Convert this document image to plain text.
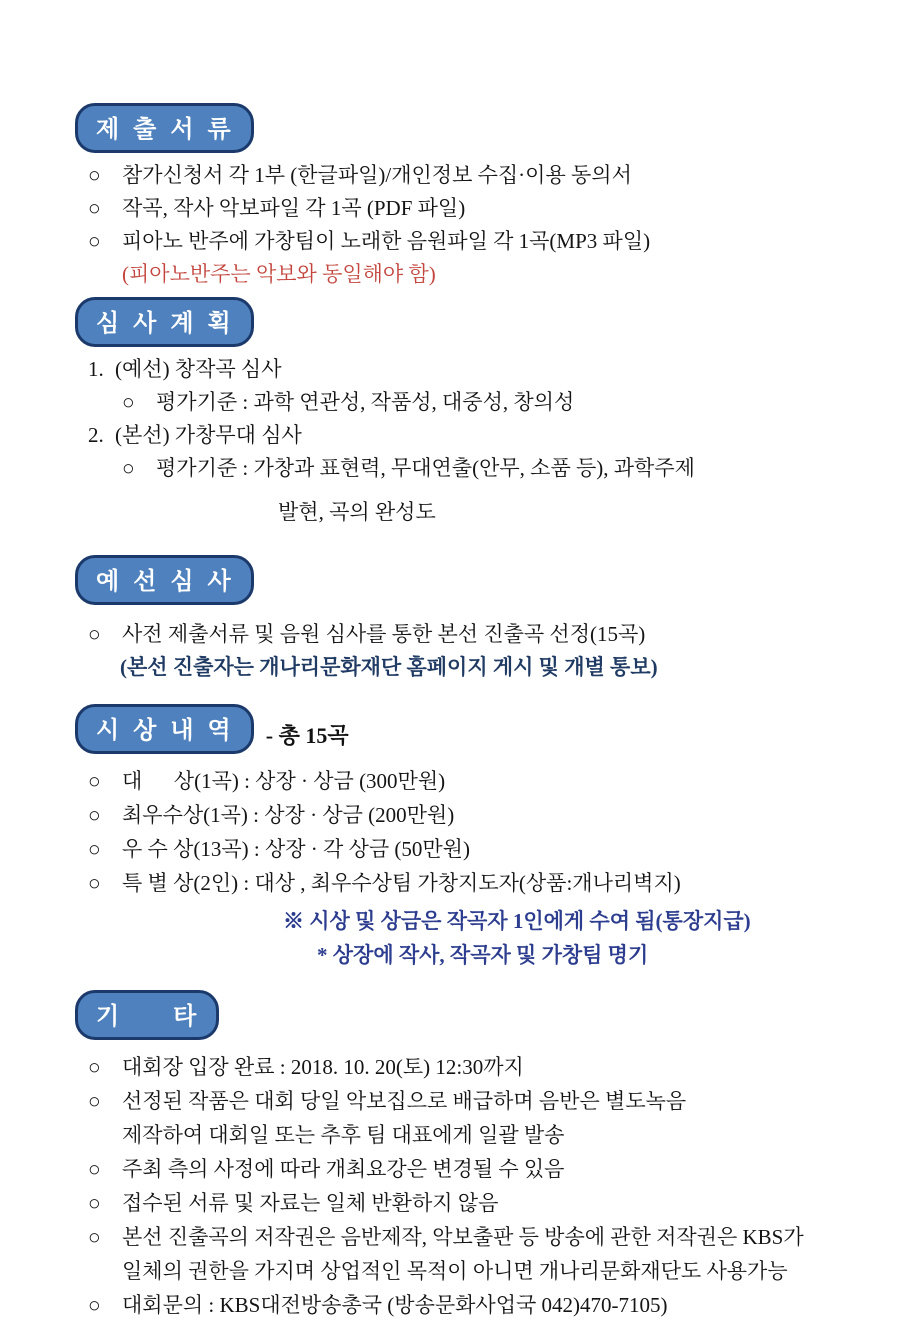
제 출 서 류
○	참가신청서 각 1부 (한글파일)/개인정보 수집·이용 동의서
○	작곡, 작사 악보파일 각 1곡 (PDF 파일)
○	피아노 반주에 가창팀이 노래한 음원파일 각 1곡(MP3 파일)
(피아노반주는 악보와 동일해야 함)
심 사 계 획
1. (예선) 창작곡 심사
○	평가기준 : 과학 연관성, 작품성, 대중성, 창의성
2. (본선) 가창무대 심사
○	평가기준 : 가창과 표현력, 무대연출(안무, 소품 등), 과학주제
발현, 곡의 완성도
예 선 심 사
○	사전 제출서류 및 음원 심사를 통한 본선 진출곡 선정(15곡)
(본선 진출자는 개나리문화재단 홈페이지 게시 및 개별 통보)
시 상 내 역	- 총 15곡
○	대      상(1곡) : 상장 · 상금 (300만원)
○	최우수상(1곡) : 상장 · 상금 (200만원)
○	우 수 상(13곡) : 상장 · 각 상금 (50만원)
○	특 별 상(2인) : 대상 , 최우수상팀 가창지도자(상품:개나리벽지)
※ 시상 및 상금은 작곡자 1인에게 수여 됨(통장지급)
* 상장에 작사, 작곡자 및 가창팀 명기
기     타
○	대회장 입장 완료 : 2018. 10. 20(토) 12:30까지
○	선정된 작품은 대회 당일 악보집으로 배급하며 음반은 별도녹음
제작하여 대회일 또는 추후 팀 대표에게 일괄 발송
○	주최 측의 사정에 따라 개최요강은 변경될 수 있음
○	접수된 서류 및 자료는 일체 반환하지 않음
○	본선 진출곡의 저작권은 음반제작, 악보출판 등 방송에 관한 저작권은 KBS가
일체의 권한을 가지며 상업적인 목적이 아니면 개나리문화재단도 사용가능
○	대회문의 : KBS대전방송총국 (방송문화사업국 042)470-7105)
